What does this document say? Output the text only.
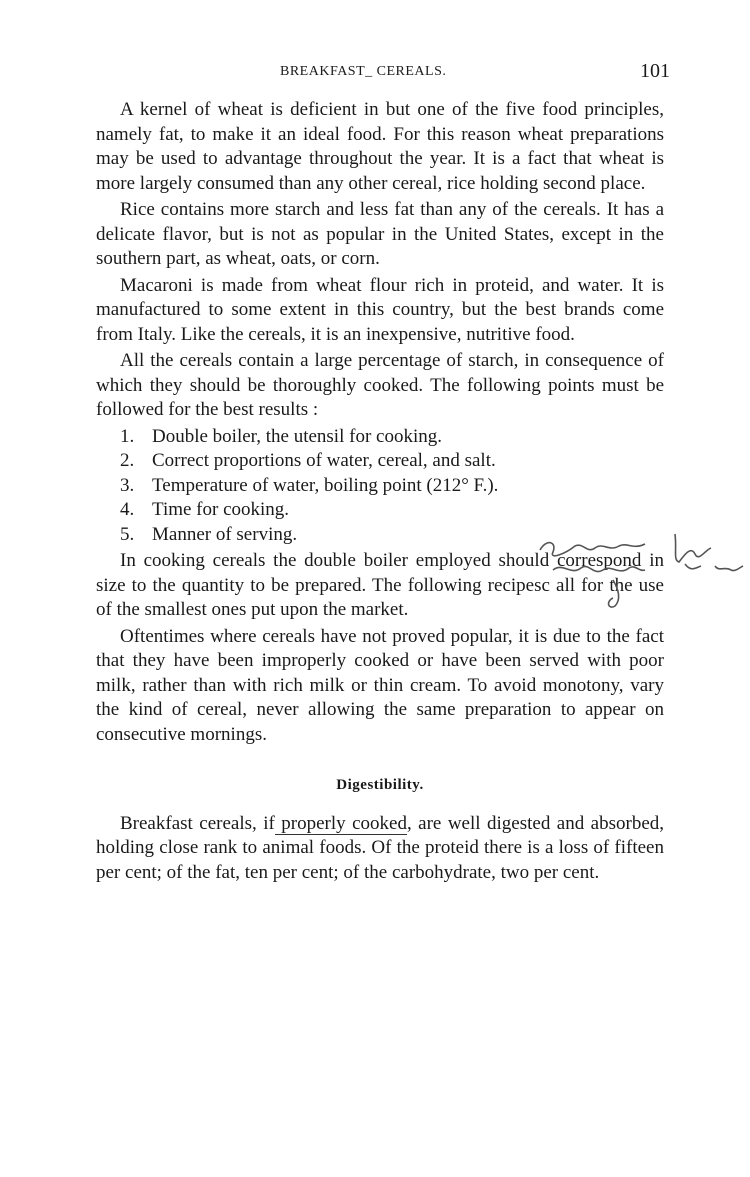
BREAKFAST_ CEREALS.	101

A kernel of wheat is deficient in but one of the five food principles, namely fat, to make it an ideal food. For this reason wheat preparations may be used to advantage throughout the year. It is a fact that wheat is more largely consumed than any other cereal, rice holding second place.

Rice contains more starch and less fat than any of the cereals. It has a delicate flavor, but is not as popular in the United States, except in the southern part, as wheat, oats, or corn.

Macaroni is made from wheat flour rich in proteid, and water. It is manufactured to some extent in this country, but the best brands come from Italy. Like the cereals, it is an inexpensive, nutritive food.

All the cereals contain a large percentage of starch, in consequence of which they should be thoroughly cooked. The following points must be followed for the best results :

1. Double boiler, the utensil for cooking.
2. Correct proportions of water, cereal, and salt.
3. Temperature of water, boiling point (212° F.).
4. Time for cooking.
5. Manner of serving.

In cooking cereals the double boiler employed should correspond in size to the quantity to be prepared. The following recipesc all for the use of the smallest ones put upon the market.

Oftentimes where cereals have not proved popular, it is due to the fact that they have been improperly cooked or have been served with poor milk, rather than with rich milk or thin cream. To avoid monotony, vary the kind of cereal, never allowing the same preparation to appear on consecutive mornings.

Digestibility.

Breakfast cereals, if properly cooked, are well digested and absorbed, holding close rank to animal foods. Of the proteid there is a loss of fifteen per cent; of the fat, ten per cent; of the carbohydrate, two per cent.
